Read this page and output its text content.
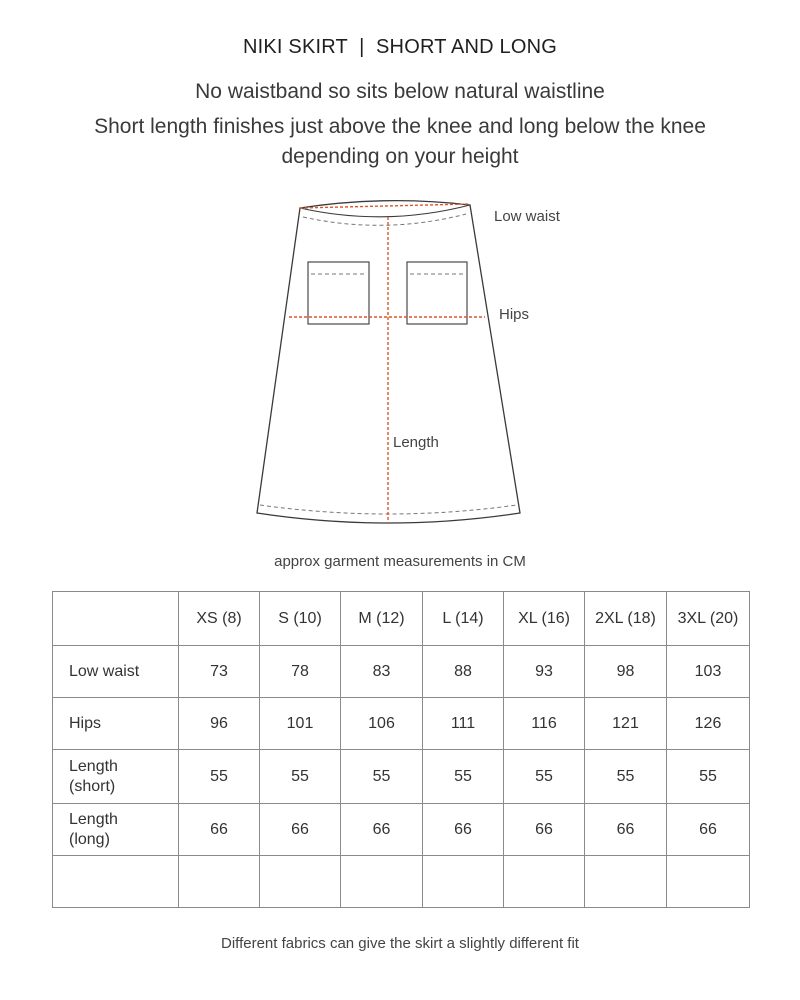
NIKI SKIRT  |  SHORT AND LONG
No waistband so sits below natural waistline
Short length finishes just above the knee and long below the knee
depending on your height
Low waist
Hips
Length
approx garment measurements in CM
	XS (8)	S (10)	M (12)	L (14)	XL (16)	2XL (18)	3XL (20)
Low waist	73	78	83	88	93	98	103
Hips	96	101	106	111	116	121	126
Length
(short)	55	55	55	55	55	55	55
Length
(long)	66	66	66	66	66	66	66

Different fabrics can give the skirt a slightly different fit
